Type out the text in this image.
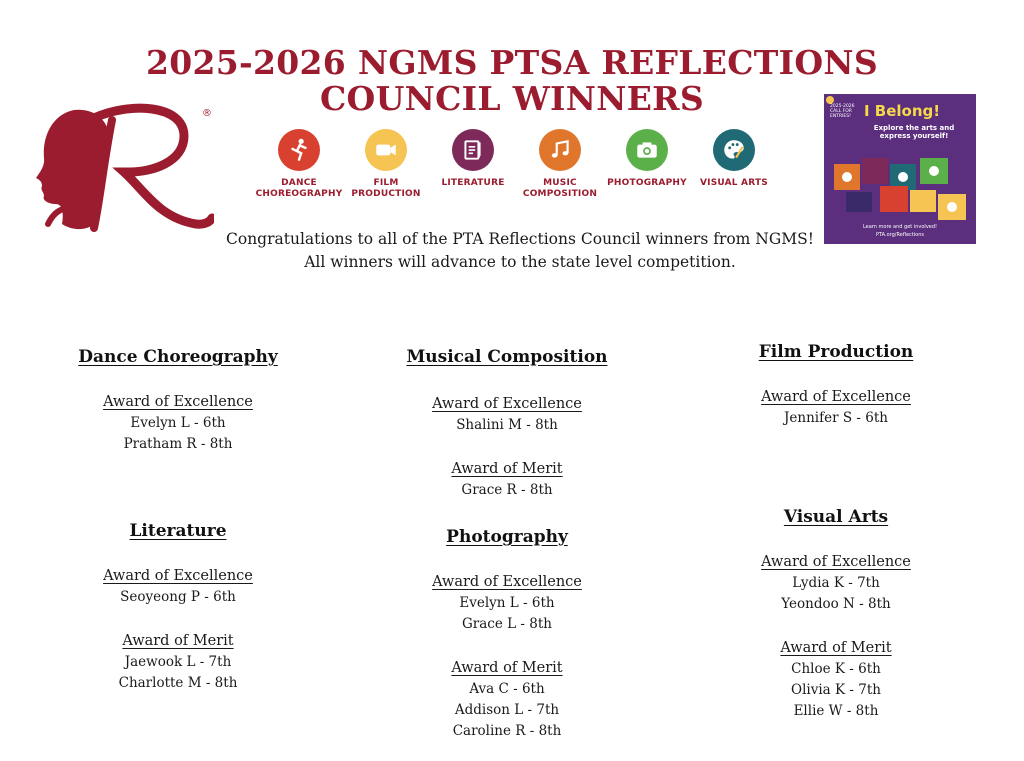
2025-2026 NGMS PTSA REFLECTIONS
COUNCIL WINNERS
®
DANCE
CHOREOGRAPHY
FILM
PRODUCTION
LITERATURE	MUSIC
COMPOSITION
PHOTOGRAPHY	VISUAL ARTS

2025-2026 CALL FOR ENTRIES! I Belong!
Explore the arts and express yourself!
Learn more and get involved!
PTA.org/Reflections
Congratulations to all of the PTA Reflections Council winners from NGMS!
All winners will advance to the state level competition.
Dance Choreography
Award of Excellence
Evelyn L - 6th
Pratham R - 8th
Literature
Award of Excellence
Seoyeong P - 6th
Award of Merit
Jaewook L - 7th
Charlotte M - 8th
Musical Composition
Award of Excellence
Shalini M - 8th
Award of Merit
Grace R - 8th
Photography
Award of Excellence
Evelyn L - 6th
Grace L - 8th
Award of Merit
Ava C - 6th
Addison L - 7th
Caroline R - 8th
Film Production
Award of Excellence
Jennifer S - 6th
Visual Arts
Award of Excellence
Lydia K - 7th
Yeondoo N - 8th
Award of Merit
Chloe K - 6th
Olivia K - 7th
Ellie W - 8th
